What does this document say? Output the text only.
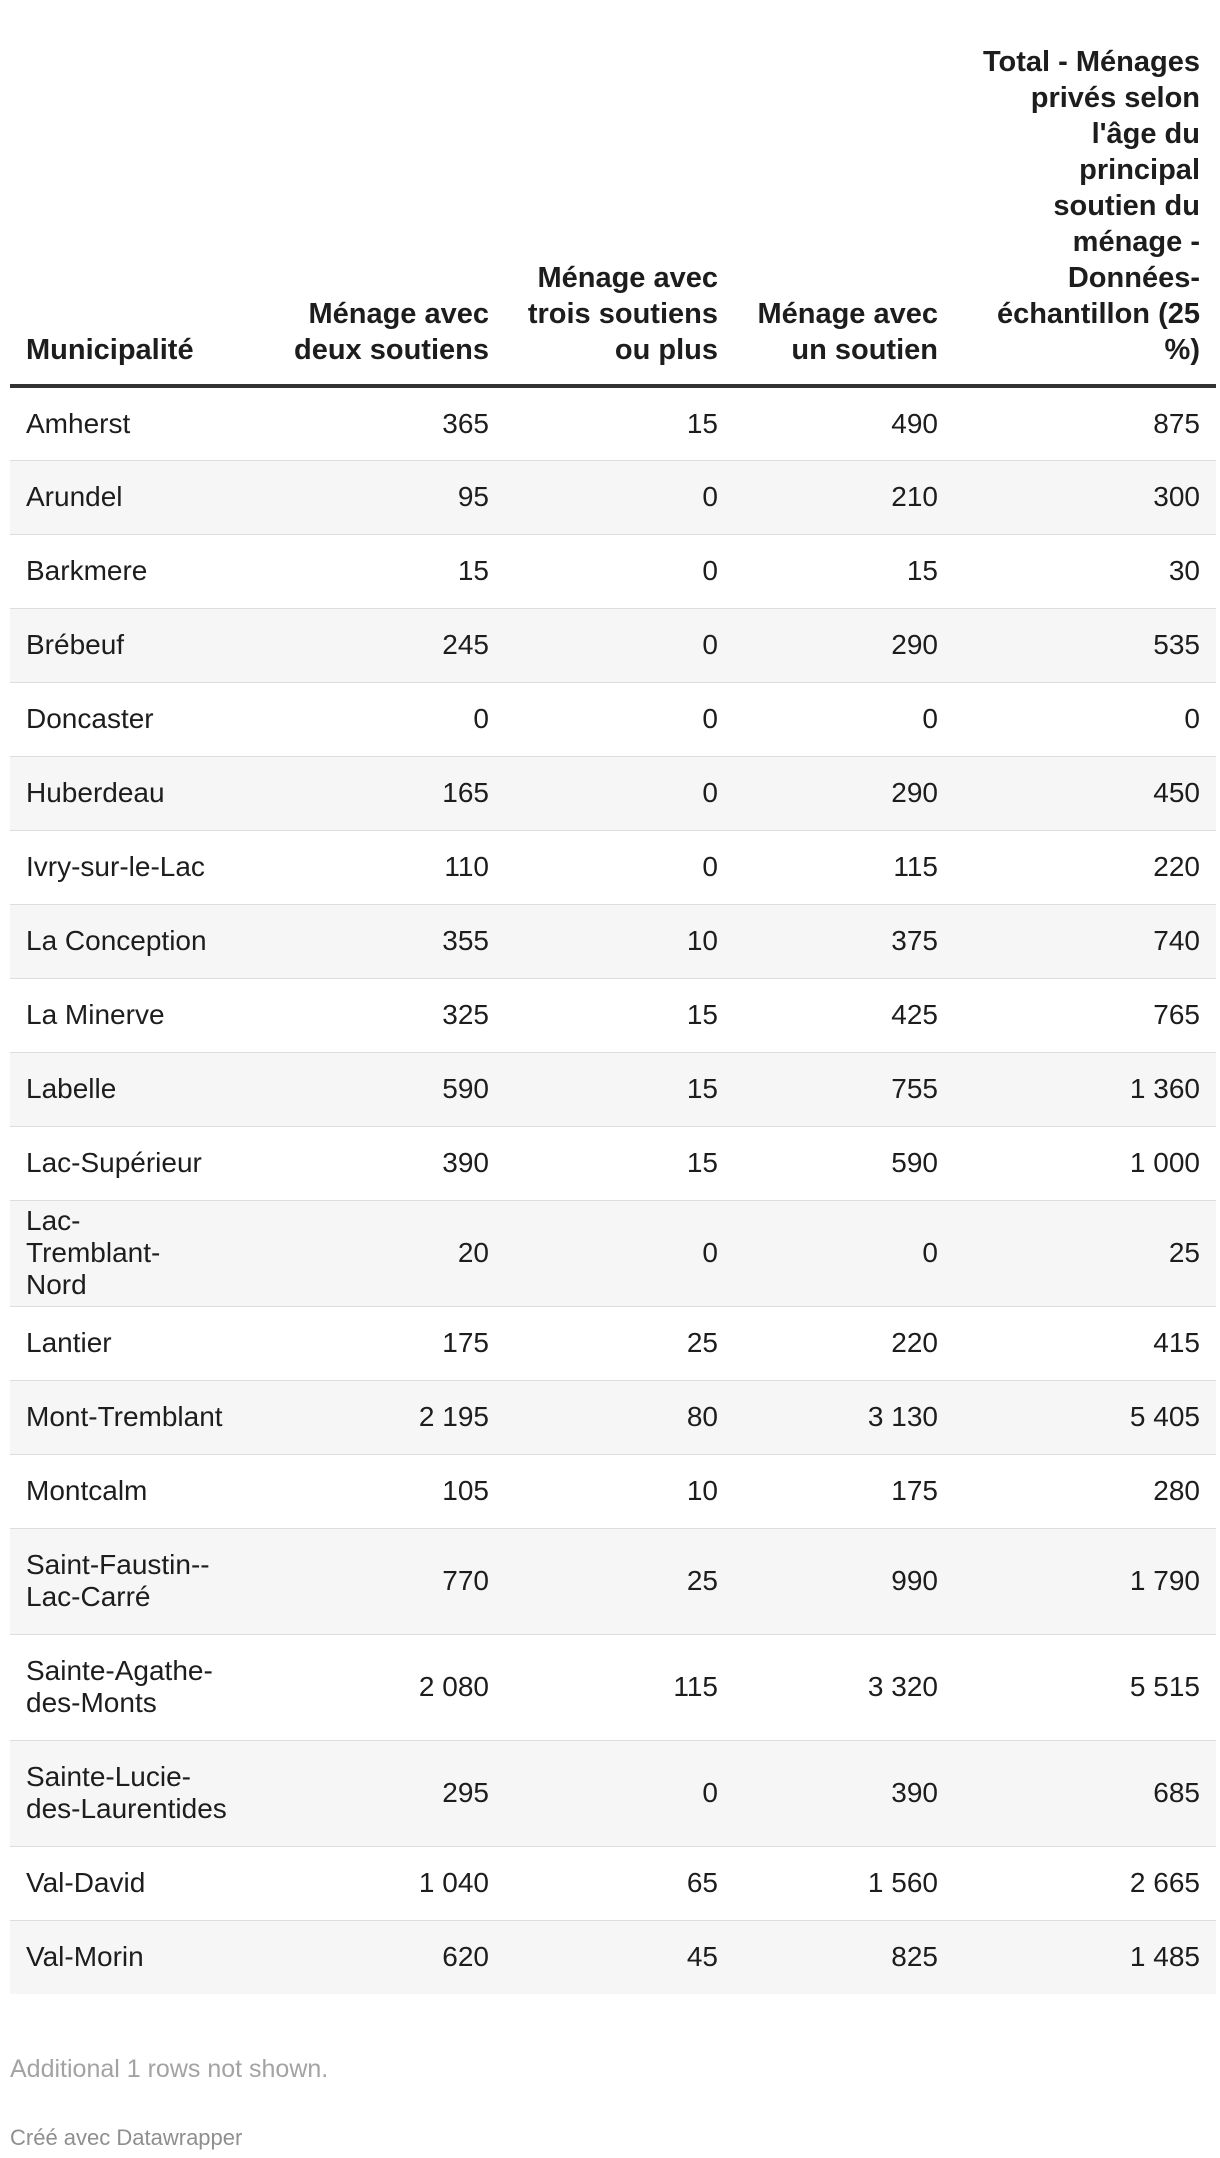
Municipalité	Ménage avec deux soutiens	Ménage avec trois soutiens ou plus	Ménage avec un soutien	Total - Ménages privés selon l'âge du principal soutien du ménage - Données-échantillon (25 %)
Amherst	365	15	490	875
Arundel	95	0	210	300
Barkmere	15	0	15	30
Brébeuf	245	0	290	535
Doncaster	0	0	0	0
Huberdeau	165	0	290	450
Ivry-sur-le-Lac	110	0	115	220
La Conception	355	10	375	740
La Minerve	325	15	425	765
Labelle	590	15	755	1 360
Lac-Supérieur	390	15	590	1 000
Lac-Tremblant-Nord	20	0	0	25
Lantier	175	25	220	415
Mont-Tremblant	2 195	80	3 130	5 405
Montcalm	105	10	175	280
Saint-Faustin--Lac-Carré	770	25	990	1 790
Sainte-Agathe-des-Monts	2 080	115	3 320	5 515
Sainte-Lucie-des-Laurentides	295	0	390	685
Val-David	1 040	65	1 560	2 665
Val-Morin	620	45	825	1 485
Additional 1 rows not shown.
Créé avec Datawrapper
